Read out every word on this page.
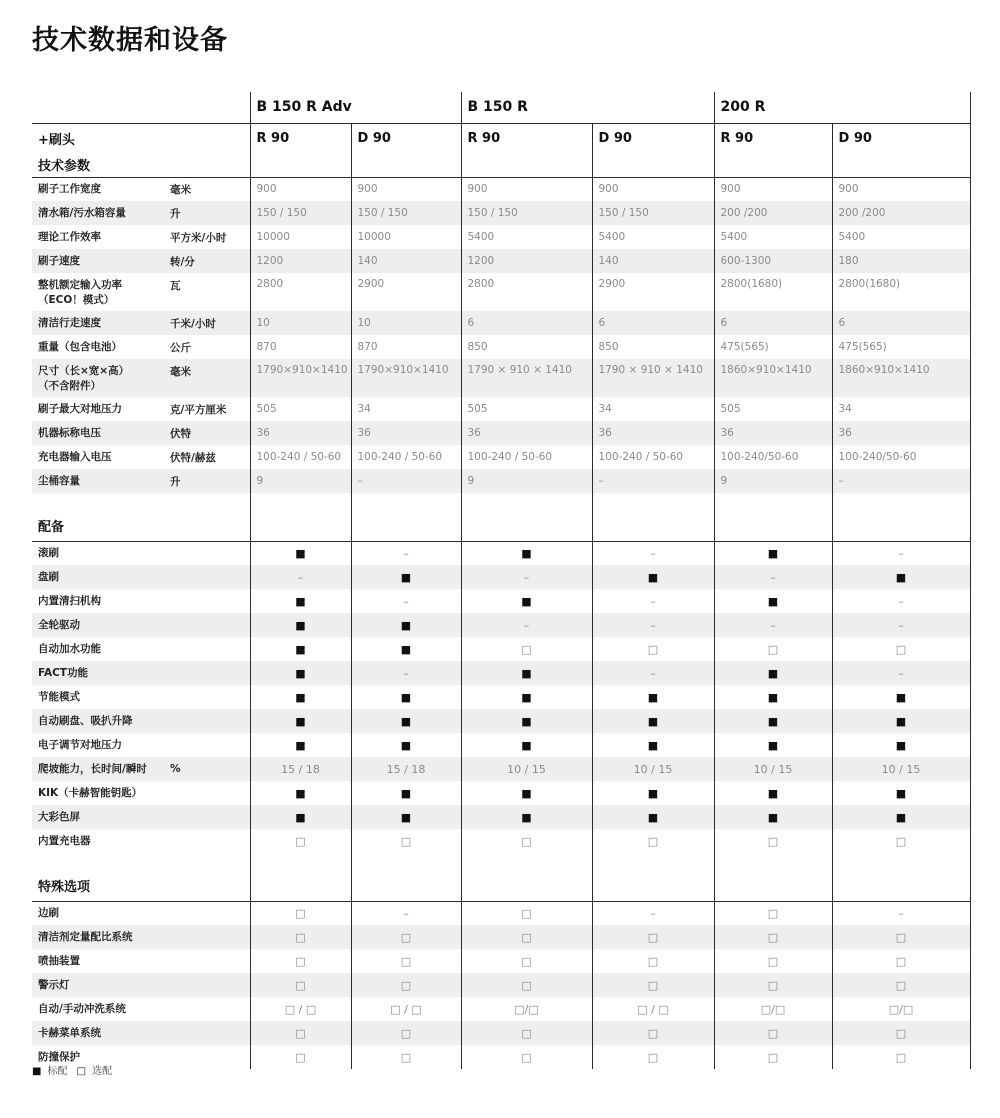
技术数据和设备
		B 150 R Adv		B 150 R		200 R	
+刷头		R 90	D 90	R 90	D 90	R 90	D 90
技术参数							
刷子工作宽度	毫米	900	900	900	900	900	900
清水箱/污水箱容量	升	150 / 150	150 / 150	150 / 150	150 / 150	200 /200	200 /200
理论工作效率	平方米/小时	10000	10000	5400	5400	5400	5400
刷子速度	转/分	1200	140	1200	140	600-1300	180
整机额定输入功率
（ECO！模式）	瓦	2800	2900	2800	2900	2800(1680)	2800(1680)
清洁行走速度	千米/小时	10	10	6	6	6	6
重量（包含电池）	公斤	870	870	850	850	475(565)	475(565)
尺寸（长×宽×高）
（不含附件）	毫米	1790×910×1410	1790×910×1410	1790 × 910 × 1410	1790 × 910 × 1410	1860×910×1410	1860×910×1410
刷子最大对地压力	克/平方厘米	505	34	505	34	505	34
机器标称电压	伏特	36	36	36	36	36	36
充电器输入电压	伏特/赫兹	100-240 / 50-60	100-240 / 50-60	100-240 / 50-60	100-240 / 50-60	100-240/50-60	100-240/50-60
尘桶容量	升	9	–	9	–	9	–
配备							
滚刷		■	–	■	–	■	–
盘刷		–	■	–	■	–	■
内置清扫机构		■	–	■	–	■	–
全轮驱动		■	■	–	–	–	–
自动加水功能		■	■	□	□	□	□
FACT功能		■	–	■	–	■	–
节能模式		■	■	■	■	■	■
自动刷盘、吸扒升降		■	■	■	■	■	■
电子调节对地压力		■	■	■	■	■	■
爬坡能力，长时间/瞬时	%	15 / 18	15 / 18	10 / 15	10 / 15	10 / 15	10 / 15
KIK（卡赫智能钥匙）		■	■	■	■	■	■
大彩色屏		■	■	■	■	■	■
内置充电器		□	□	□	□	□	□
特殊选项							
边刷		□	–	□	–	□	–
清洁剂定量配比系统		□	□	□	□	□	□
喷抽装置		□	□	□	□	□	□
警示灯		□	□	□	□	□	□
自动/手动冲洗系统		□ / □	□ / □	□/□	□ / □	□/□	□/□
卡赫菜单系统		□	□	□	□	□	□
防撞保护		□	□	□	□	□	□
■ 标配 □ 选配
